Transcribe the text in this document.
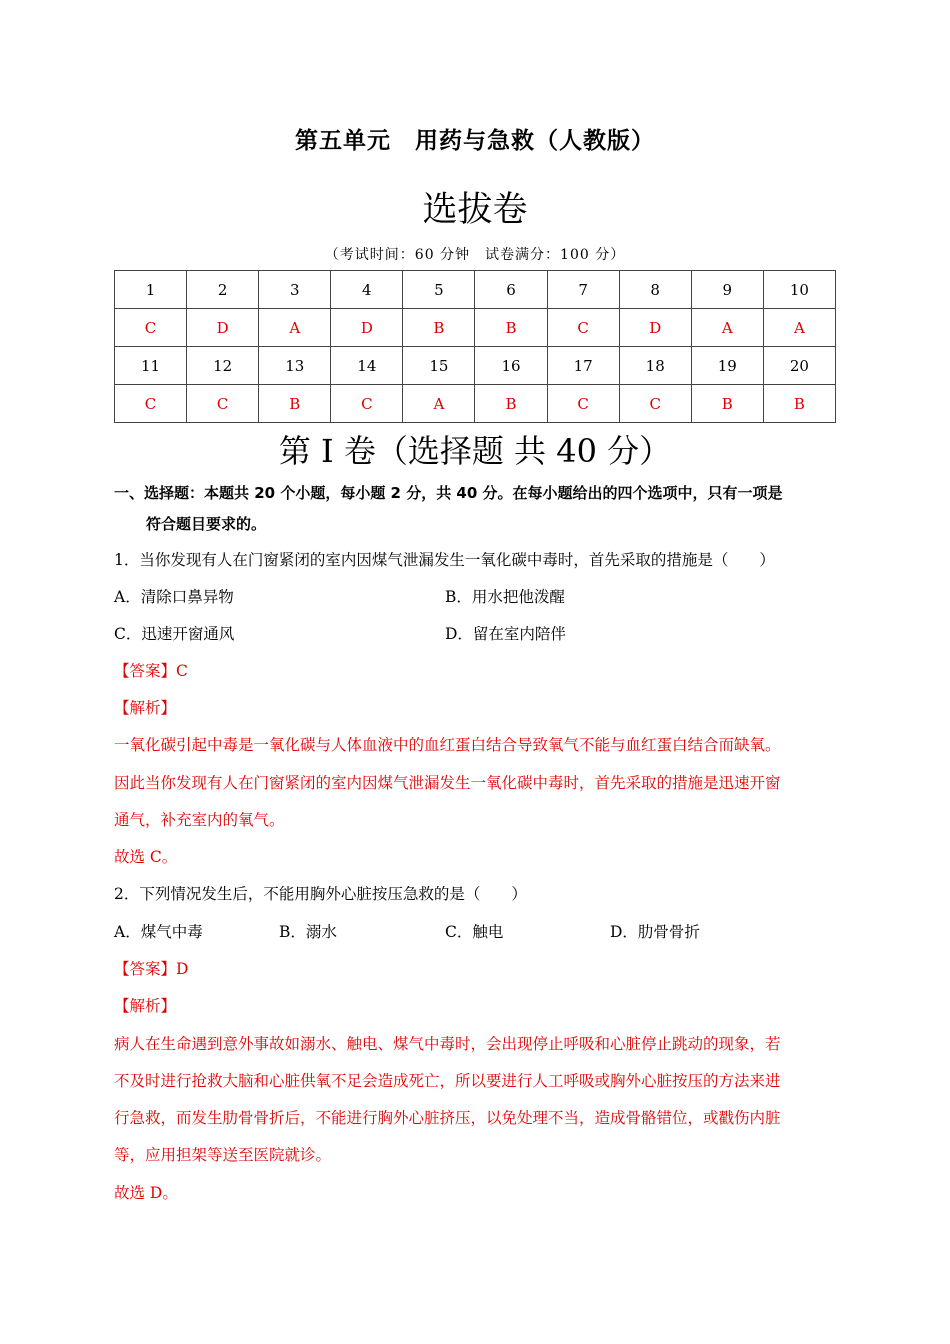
第五单元　用药与急救（人教版）
选拔卷
（考试时间：60 分钟　试卷满分：100 分）
1	2	3	4	5	6	7	8	9	10
C	D	A	D	B	B	C	D	A	A
11	12	13	14	15	16	17	18	19	20
C	C	B	C	A	B	C	C	B	B
第 I 卷（选择题 共 40 分）
一、选择题：本题共 20 个小题，每小题 2 分，共 40 分。在每小题给出的四个选项中，只有一项是
符合题目要求的。
1．当你发现有人在门窗紧闭的室内因煤气泄漏发生一氧化碳中毒时，首先采取的措施是（　　）
A．清除口鼻异物	B．用水把他泼醒
C．迅速开窗通风	D．留在室内陪伴
【答案】C
【解析】
一氧化碳引起中毒是一氧化碳与人体血液中的血红蛋白结合导致氧气不能与血红蛋白结合而缺氧。
因此当你发现有人在门窗紧闭的室内因煤气泄漏发生一氧化碳中毒时，首先采取的措施是迅速开窗
通气，补充室内的氧气。
故选 C。
2．下列情况发生后，不能用胸外心脏按压急救的是（　　）
A．煤气中毒	B．溺水	C．触电	D．肋骨骨折
【答案】D
【解析】
病人在生命遇到意外事故如溺水、触电、煤气中毒时，会出现停止呼吸和心脏停止跳动的现象，若
不及时进行抢救大脑和心脏供氧不足会造成死亡，所以要进行人工呼吸或胸外心脏按压的方法来进
行急救，而发生肋骨骨折后，不能进行胸外心脏挤压，以免处理不当，造成骨骼错位，或戳伤内脏
等，应用担架等送至医院就诊。
故选 D。
